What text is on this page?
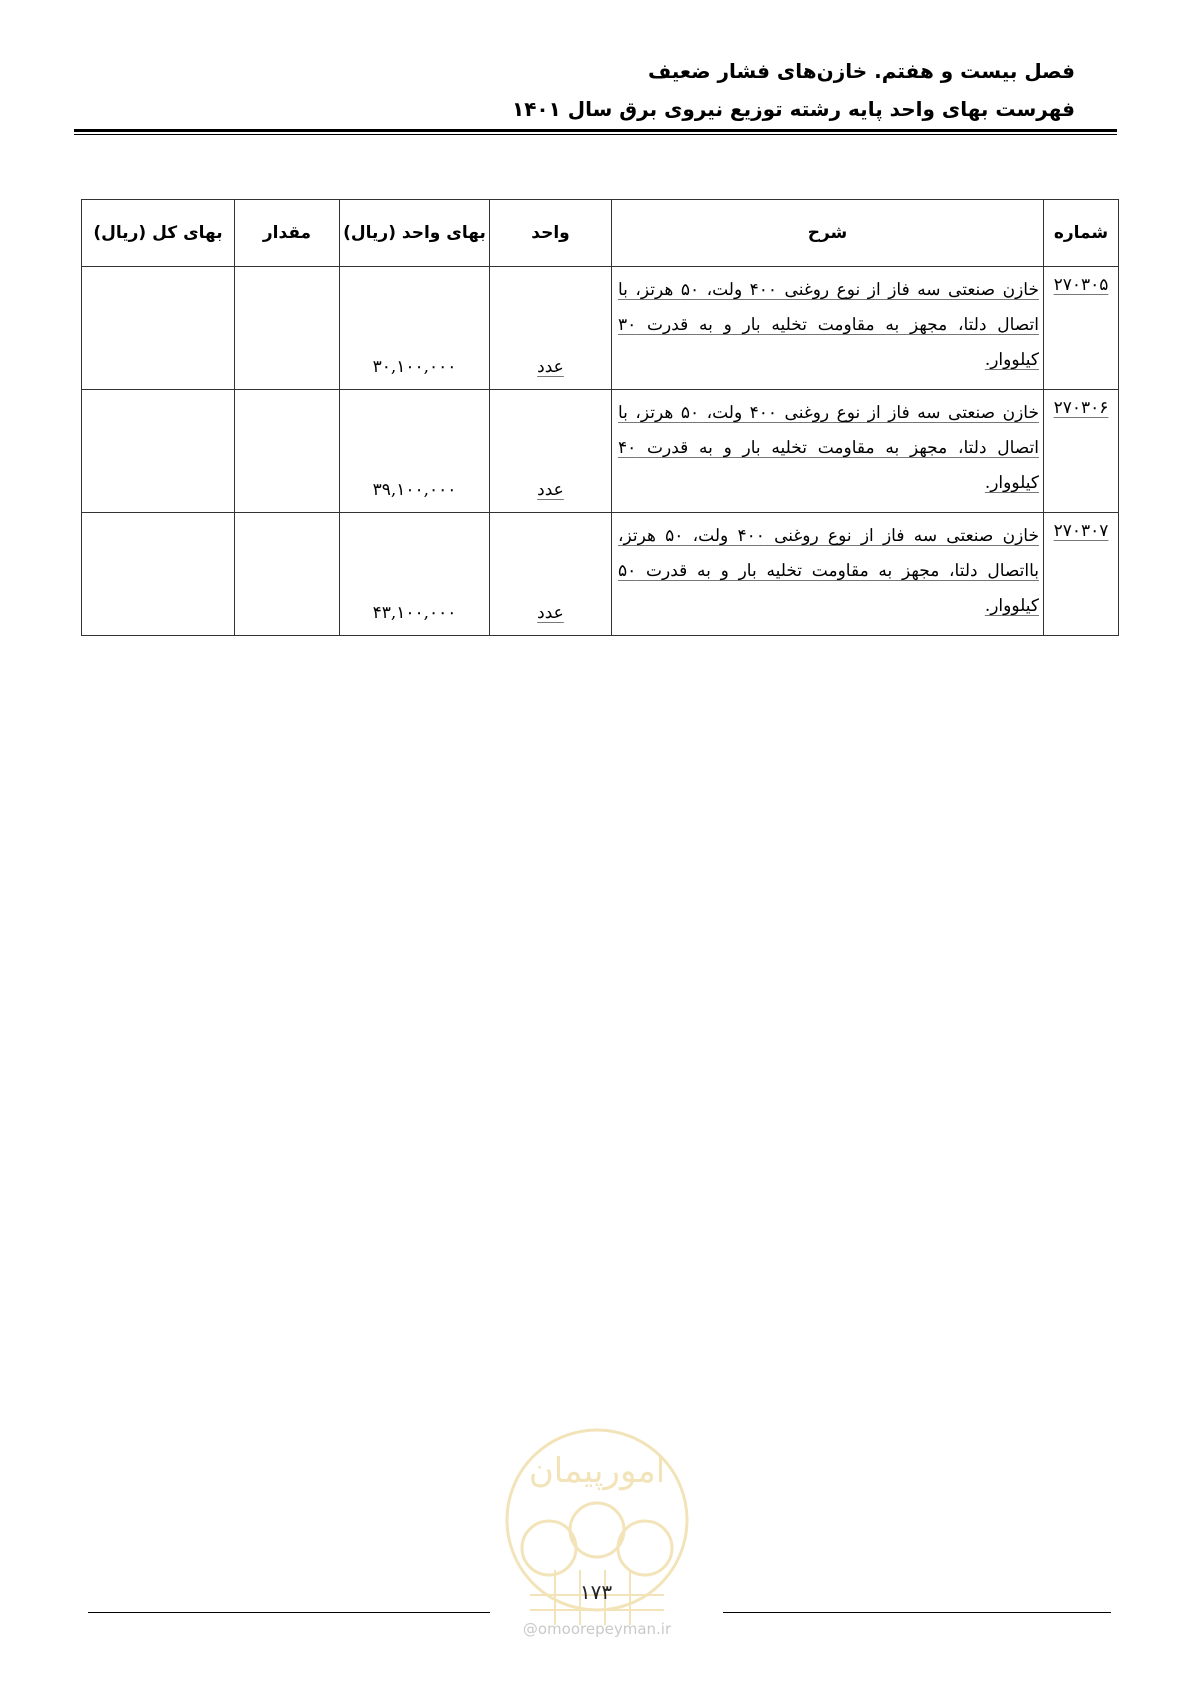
فصل بیست و هفتم. خازن‌های فشار ضعیف
فهرست بهای واحد پایه رشته توزیع نیروی برق سال ۱۴۰۱
شماره	شرح	واحد	بهای واحد (ریال)	مقدار	بهای کل (ریال)
۲۷۰۳۰۵	خازن صنعتی سه فاز از نوع روغنی ۴۰۰ ولت، ۵۰ هرتز، با اتصال دلتا، مجهز به مقاومت تخلیه بار و به قدرت ۳۰ کیلووار.	عدد	۳۰,۱۰۰,۰۰۰		
۲۷۰۳۰۶	خازن صنعتی سه فاز از نوع روغنی ۴۰۰ ولت، ۵۰ هرتز، با اتصال دلتا، مجهز به مقاومت تخلیه بار و به قدرت ۴۰ کیلووار.	عدد	۳۹,۱۰۰,۰۰۰		
۲۷۰۳۰۷	خازن صنعتی سه فاز از نوع روغنی ۴۰۰ ولت، ۵۰ هرتز، بااتصال دلتا، مجهز به مقاومت تخلیه بار و به قدرت ۵۰ کیلووار.	عدد	۴۳,۱۰۰,۰۰۰		
امورپیمان
۱۷۳
@omoorepeyman.ir
